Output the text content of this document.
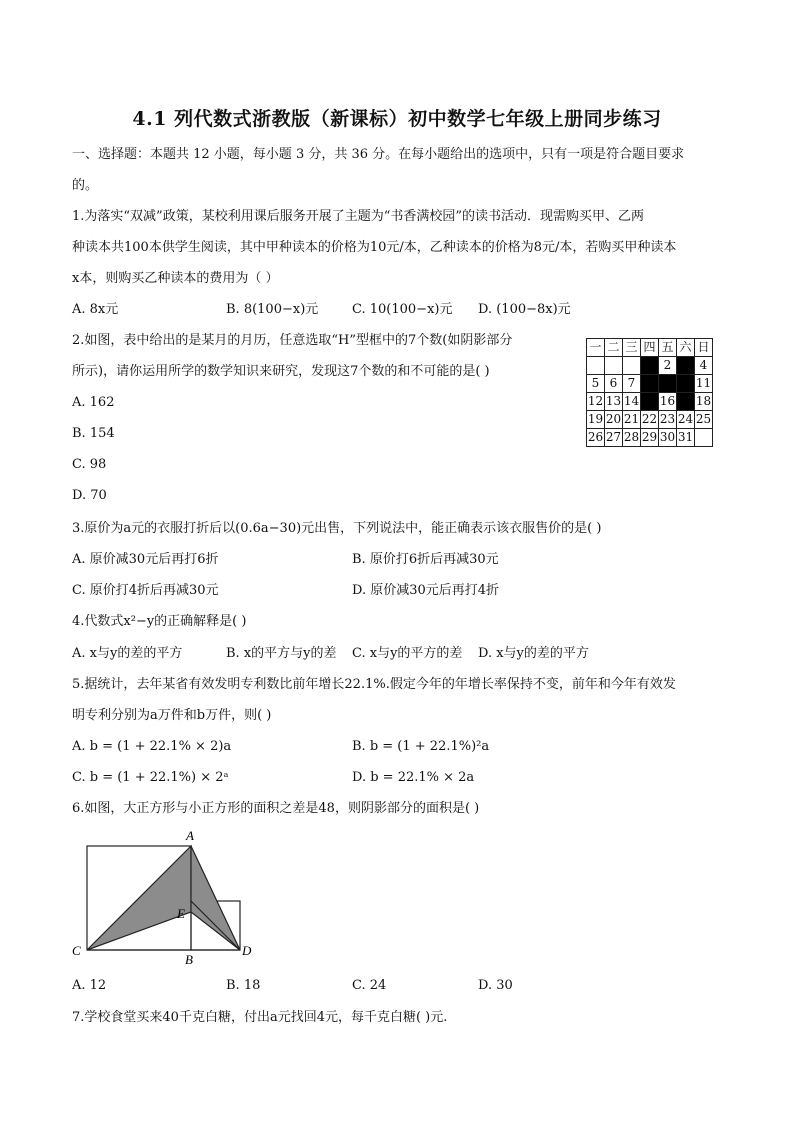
4.1 列代数式浙教版（新课标）初中数学七年级上册同步练习
一、选择题：本题共 12 小题，每小题 3 分，共 36 分。在每小题给出的选项中，只有一项是符合题目要求
的。
1.为落实“双减”政策，某校利用课后服务开展了主题为“书香满校园”的读书活动．现需购买甲、乙两
种读本共100本供学生阅读，其中甲种读本的价格为10元/本，乙种读本的价格为8元/本，若购买甲种读本
x本，则购买乙种读本的费用为（ ）
A. 8x元	B. 8(100−x)元	C. 10(100−x)元 D. (100−8x)元
2.如图，表中给出的是某月的月历，任意选取“H”型框中的7个数(如阴影部分
所示)，请你运用所学的数学知识来研究，发现这7个数的和不可能的是( )
A. 162
B. 154
C. 98
D. 70
一	二	三	四	五	六	日
				2		4
5	6	7				11
12	13	14		16		18
19	20	21	22	23	24	25
26	27	28	29	30	31	
3.原价为a元的衣服打折后以(0.6a−30)元出售，下列说法中，能正确表示该衣服售价的是( )
A. 原价减30元后再打6折	B. 原价打6折后再减30元
C. 原价打4折后再减30元	D. 原价减30元后再打4折
4.代数式x²−y的正确解释是( )
A. x与y的差的平方	B. x的平方与y的差 C. x与y的平方的差 D. x与y的差的平方
5.据统计，去年某省有效发明专利数比前年增长22.1%.假定今年的年增长率保持不变，前年和今年有效发
明专利分别为a万件和b万件，则( )
A. b = (1 + 22.1% × 2)a	B. b = (1 + 22.1%)²a
C. b = (1 + 22.1%) × 2ᵃ	D. b = 22.1% × 2a
6.如图，大正方形与小正方形的面积之差是48，则阴影部分的面积是( )
A
E
C
B
D
A. 12	B. 18	C. 24	D. 30
7.学校食堂买来40千克白糖，付出a元找回4元，每千克白糖( )元.
